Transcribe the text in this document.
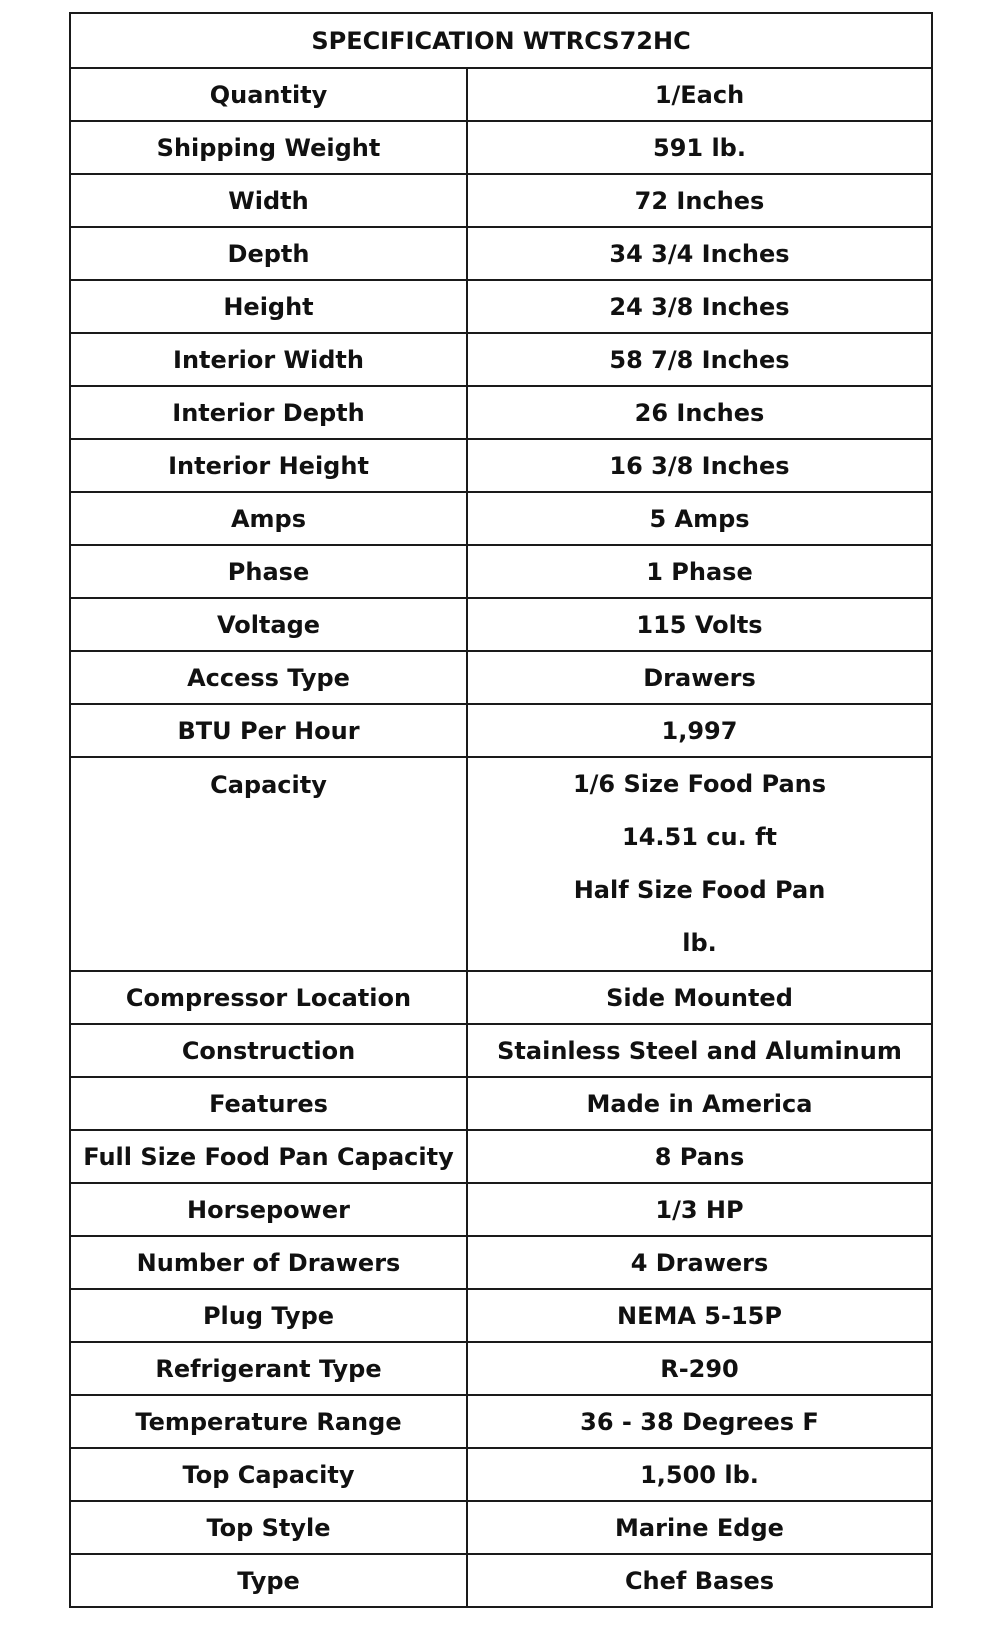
SPECIFICATION WTRCS72HC	
Quantity	1/Each
Shipping Weight	591 lb.
Width	72 Inches
Depth	34 3/4 Inches
Height	24 3/8 Inches
Interior Width	58 7/8 Inches
Interior Depth	26 Inches
Interior Height	16 3/8 Inches
Amps	5 Amps
Phase	1 Phase
Voltage	115 Volts
Access Type	Drawers
BTU Per Hour	1,997
Capacity	1/6 Size Food Pans
14.51 cu. ft
Half Size Food Pan
lb.

Compressor Location	Side Mounted
Construction	Stainless Steel and Aluminum
Features	Made in America
Full Size Food Pan Capacity	8 Pans
Horsepower	1/3 HP
Number of Drawers	4 Drawers
Plug Type	NEMA 5-15P
Refrigerant Type	R-290
Temperature Range	36 - 38 Degrees F
Top Capacity	1,500 lb.
Top Style	Marine Edge
Type	Chef Bases
